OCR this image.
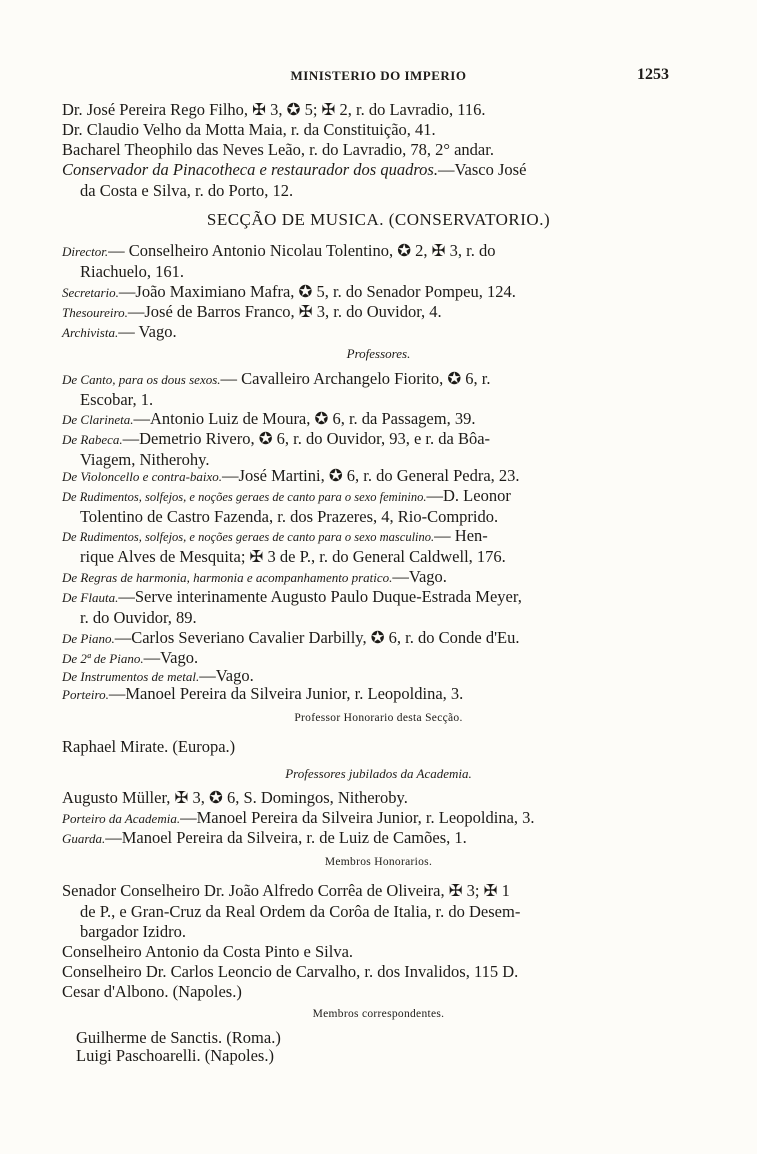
MINISTERIO DO IMPERIO	1253
Dr. José Pereira Rego Filho, ✠ 3, ✪ 5; ✠ 2, r. do Lavradio, 116.
Dr. Claudio Velho da Motta Maia, r. da Constituição, 41.
Bacharel Theophilo das Neves Leão, r. do Lavradio, 78, 2° andar.
Conservador da Pinacotheca e restaurador dos quadros.—Vasco José
da Costa e Silva, r. do Porto, 12.
SECÇÃO DE MUSICA. (CONSERVATORIO.)
Director.— Conselheiro Antonio Nicolau Tolentino, ✪ 2, ✠ 3, r. do
Riachuelo, 161.
Secretario.—João Maximiano Mafra, ✪ 5, r. do Senador Pompeu, 124.
Thesoureiro.—José de Barros Franco, ✠ 3, r. do Ouvidor, 4.
Archivista.— Vago.
Professores.
De Canto, para os dous sexos.— Cavalleiro Archangelo Fiorito, ✪ 6, r.
Escobar, 1.
De Clarineta.—Antonio Luiz de Moura, ✪ 6, r. da Passagem, 39.
De Rabeca.—Demetrio Rivero, ✪ 6, r. do Ouvidor, 93, e r. da Bôa-
Viagem, Nitherohy.
De Violoncello e contra-baixo.—José Martini, ✪ 6, r. do General Pedra, 23.
De Rudimentos, solfejos, e noções geraes de canto para o sexo feminino.—D. Leonor
Tolentino de Castro Fazenda, r. dos Prazeres, 4, Rio-Comprido.
De Rudimentos, solfejos, e noções geraes de canto para o sexo masculino.— Hen-
rique Alves de Mesquita; ✠ 3 de P., r. do General Caldwell, 176.
De Regras de harmonia, harmonia e acompanhamento pratico.—Vago.
De Flauta.—Serve interinamente Augusto Paulo Duque-Estrada Meyer,
r. do Ouvidor, 89.
De Piano.—Carlos Severiano Cavalier Darbilly, ✪ 6, r. do Conde d'Eu.
De 2ª de Piano.—Vago.
De Instrumentos de metal.—Vago.
Porteiro.—Manoel Pereira da Silveira Junior, r. Leopoldina, 3.
Professor Honorario desta Secção.
Raphael Mirate. (Europa.)
Professores jubilados da Academia.
Augusto Müller, ✠ 3, ✪ 6, S. Domingos, Nitheroby.
Porteiro da Academia.—Manoel Pereira da Silveira Junior, r. Leopoldina, 3.
Guarda.—Manoel Pereira da Silveira, r. de Luiz de Camões, 1.
Membros Honorarios.
Senador Conselheiro Dr. João Alfredo Corrêa de Oliveira, ✠ 3; ✠ 1
de P., e Gran-Cruz da Real Ordem da Corôa de Italia, r. do Desem-
bargador Izidro.
Conselheiro Antonio da Costa Pinto e Silva.
Conselheiro Dr. Carlos Leoncio de Carvalho, r. dos Invalidos, 115 D.
Cesar d'Albono. (Napoles.)
Membros correspondentes.
Guilherme de Sanctis. (Roma.)
Luigi Paschoarelli. (Napoles.)
